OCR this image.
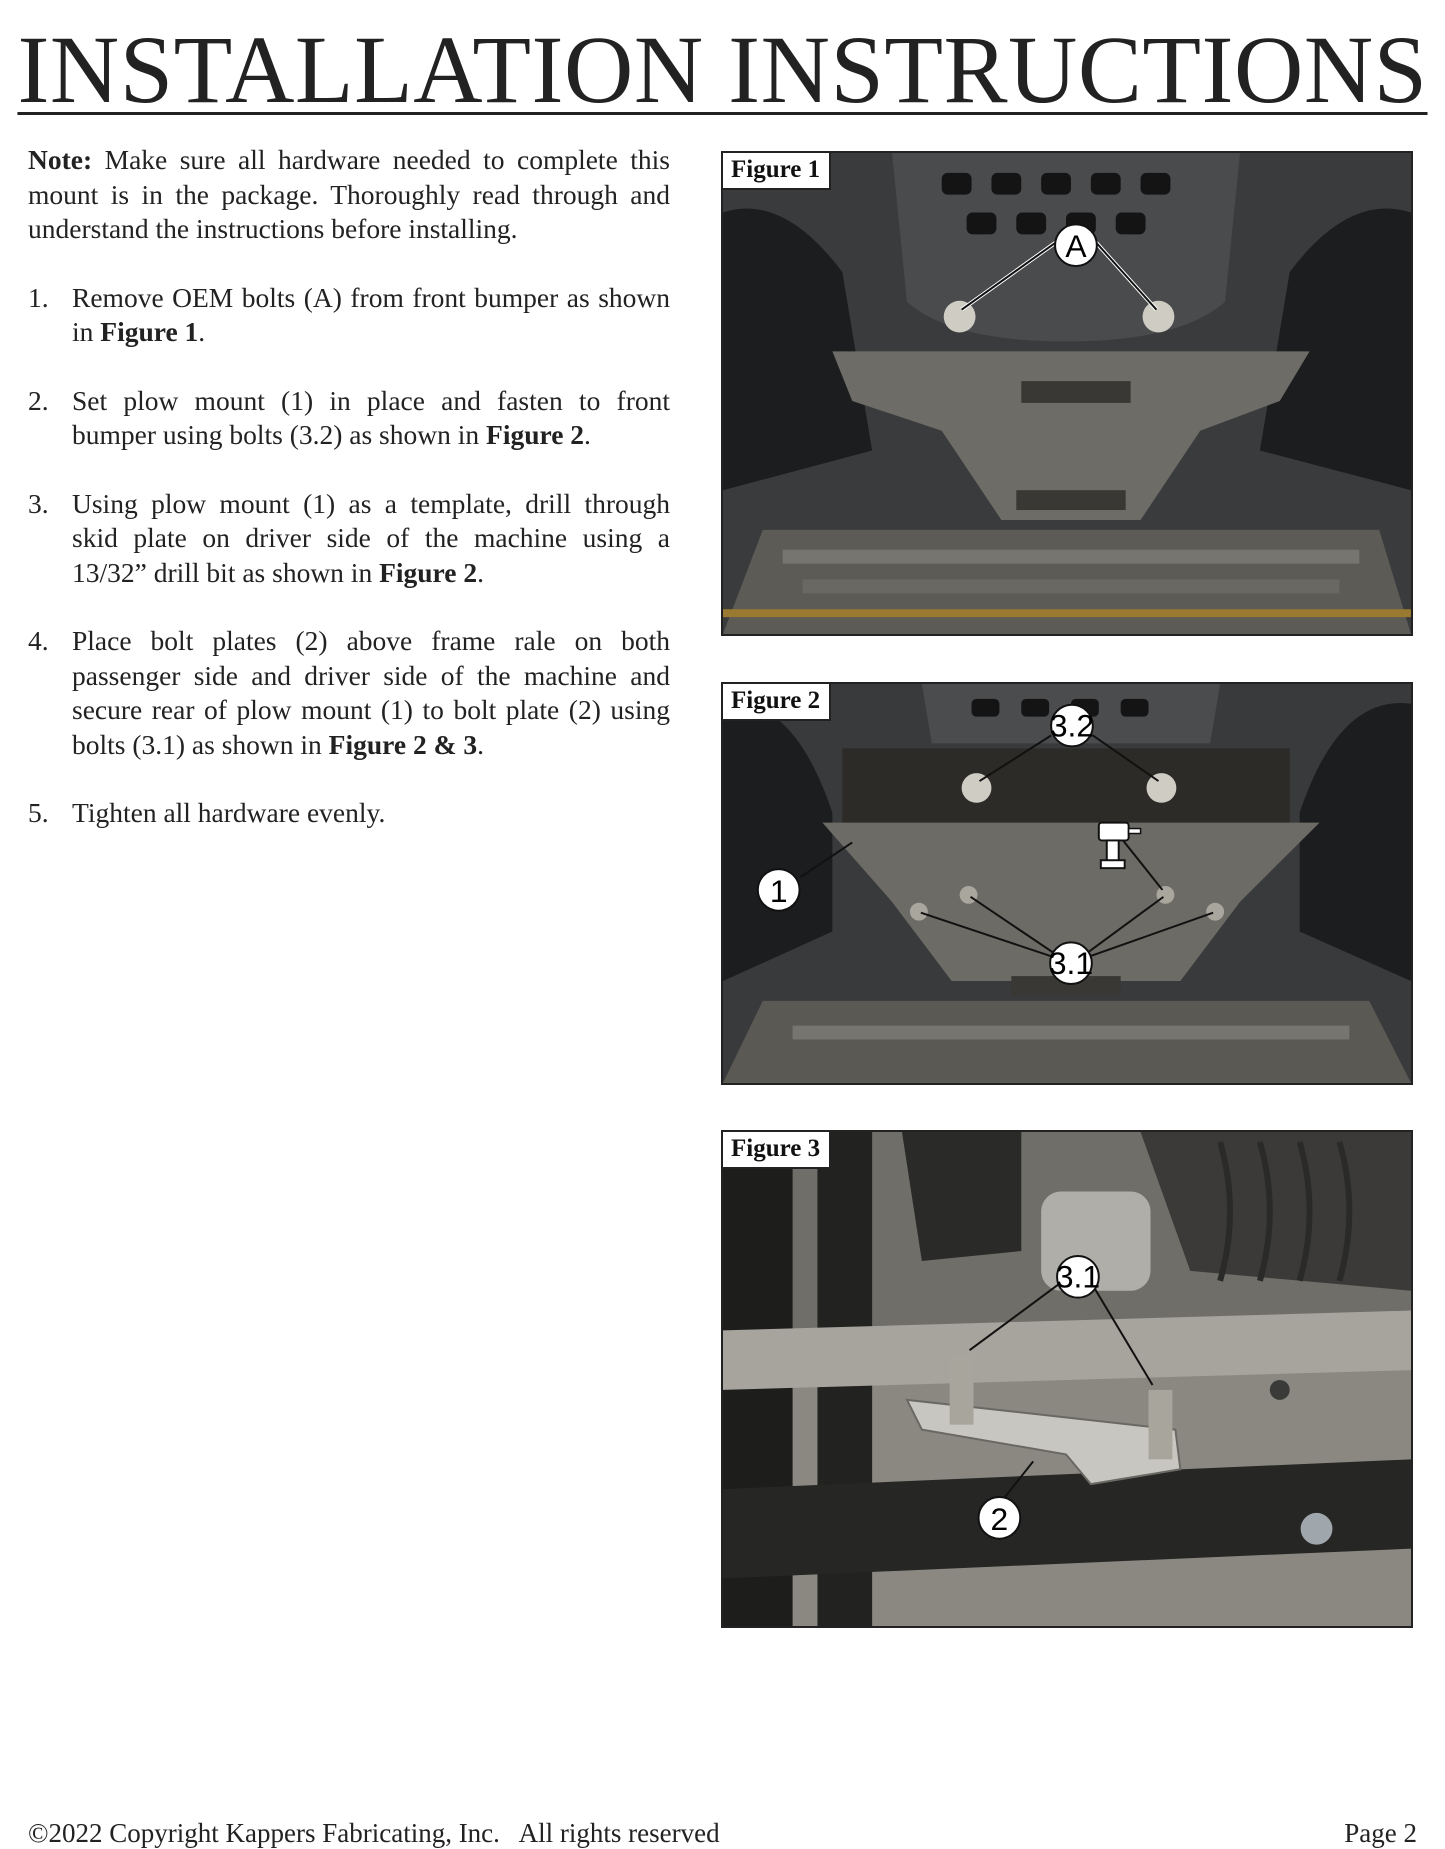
INSTALLATION INSTRUCTIONS

Note: Make sure all hardware needed to complete this mount is in the package. Thoroughly read through and understand the instructions before installing.

1. Remove OEM bolts (A) from front bumper as shown in Figure 1.
2. Set plow mount (1) in place and fasten to front bumper using bolts (3.2) as shown in Figure 2.
3. Using plow mount (1) as a template, drill through skid plate on driver side of the machine using a 13/32” drill bit as shown in Figure 2.
4. Place bolt plates (2) above frame rale on both passenger side and driver side of the machine and secure rear of plow mount (1) to bolt plate (2) using bolts (3.1) as shown in Figure 2 & 3.
5. Tighten all hardware evenly.
A
Figure 1
3.2
1
3.1
Figure 2
3.1
2
Figure 3
©2022 Copyright Kappers Fabricating, Inc.   All rights reserved	Page 2
